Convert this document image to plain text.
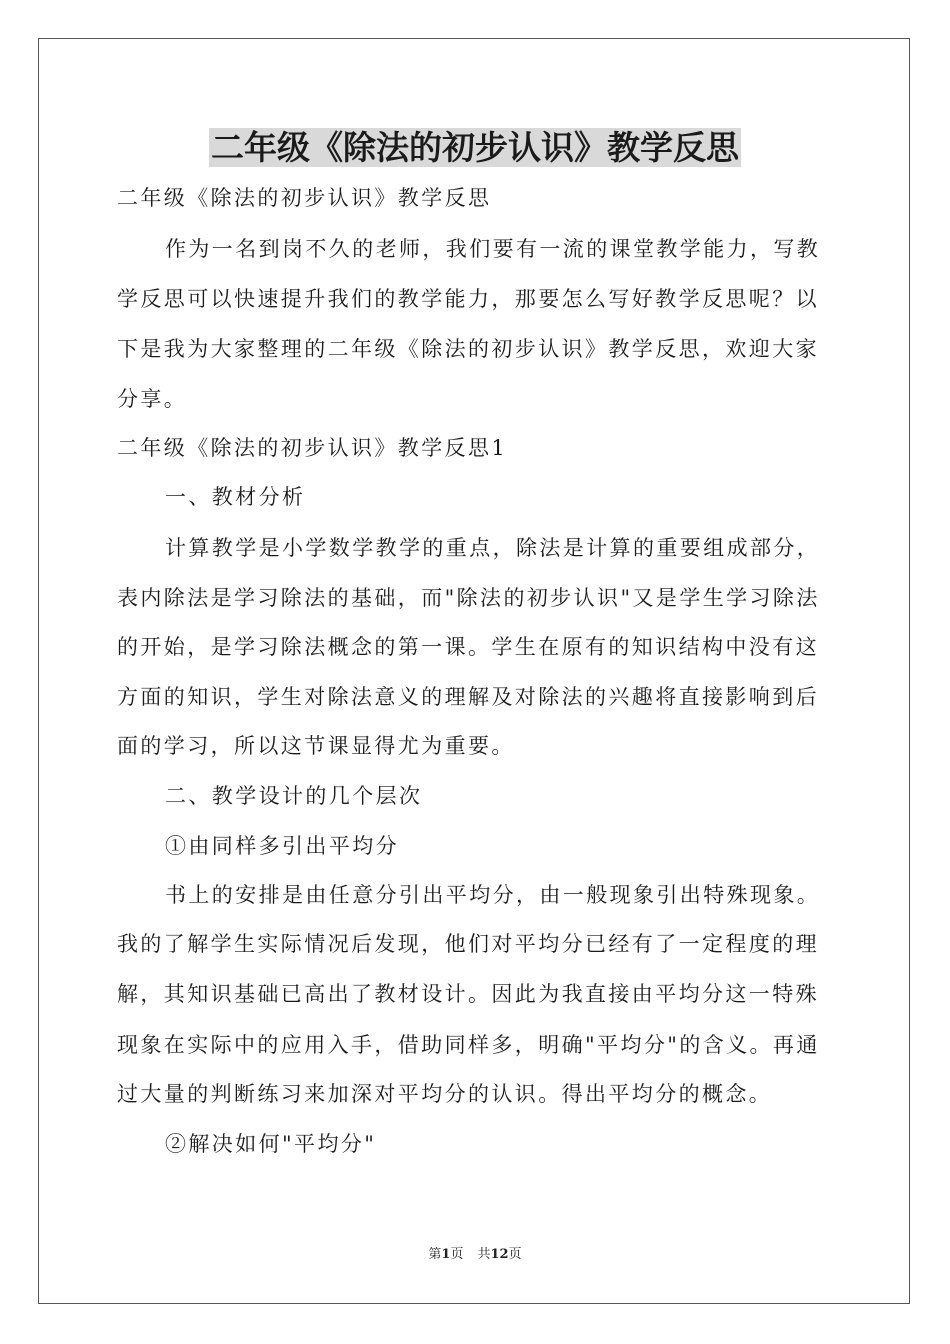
二年级《除法的初步认识》教学反思
二年级《除法的初步认识》教学反思
作为一名到岗不久的老师，我们要有一流的课堂教学能力，写教
学反思可以快速提升我们的教学能力，那要怎么写好教学反思呢？以
下是我为大家整理的二年级《除法的初步认识》教学反思，欢迎大家
分享。
二年级《除法的初步认识》教学反思1
一、教材分析
计算教学是小学数学教学的重点，除法是计算的重要组成部分，
表内除法是学习除法的基础，而"除法的初步认识"又是学生学习除法
的开始，是学习除法概念的第一课。学生在原有的知识结构中没有这
方面的知识，学生对除法意义的理解及对除法的兴趣将直接影响到后
面的学习，所以这节课显得尤为重要。
二、教学设计的几个层次
①由同样多引出平均分
书上的安排是由任意分引出平均分，由一般现象引出特殊现象。
我的了解学生实际情况后发现，他们对平均分已经有了一定程度的理
解，其知识基础已高出了教材设计。因此为我直接由平均分这一特殊
现象在实际中的应用入手，借助同样多，明确"平均分"的含义。再通
过大量的判断练习来加深对平均分的认识。得出平均分的概念。
②解决如何"平均分"
第1页 共12页
